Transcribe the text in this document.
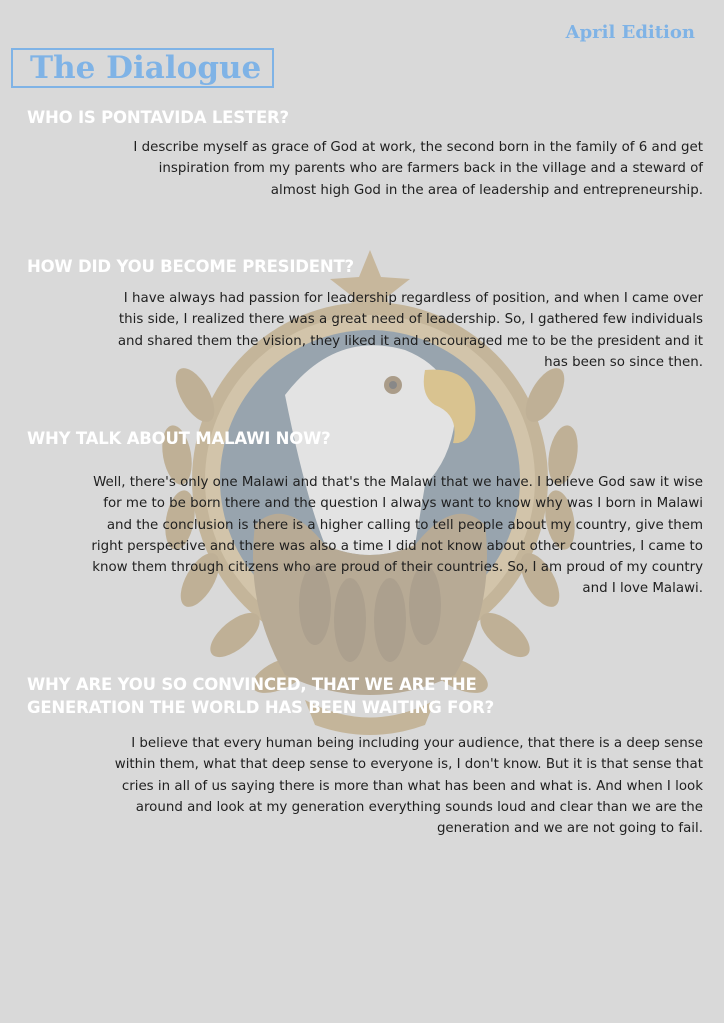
April Edition
The Dialogue
WHO IS PONTAVIDA LESTER?
I describe myself as grace of God at work, the second born in the family of 6 and get
inspiration from my parents who are farmers back in the village and a steward of
almost high God in the area of leadership and entrepreneurship.
HOW DID YOU BECOME PRESIDENT?
I have always had passion for leadership regardless of position, and when I came over
this side, I realized there was a great need of leadership. So, I gathered few individuals
and shared them the vision, they liked it and encouraged me to be the president and it
has been so since then.
WHY TALK ABOUT MALAWI NOW?
Well, there's only one Malawi and that's the Malawi that we have. I believe God saw it wise
for me to be born there and the question I always want to know why was I born in Malawi
and the conclusion is there is a higher calling to tell people about my country, give them
right perspective and there was also a time I did not know about other countries, I came to
know them through citizens who are proud of their countries. So, I am proud of my country
and I love Malawi.
WHY ARE YOU SO CONVINCED, THAT WE ARE THE
GENERATION THE WORLD HAS BEEN WAITING FOR?
I believe that every human being including your audience, that there is a deep sense
within them, what that deep sense to everyone is, I don't know. But it is that sense that
cries in all of us saying there is more than what has been and what is. And when I look
around and look at my generation everything sounds loud and clear than we are the
generation and we are not going to fail.
